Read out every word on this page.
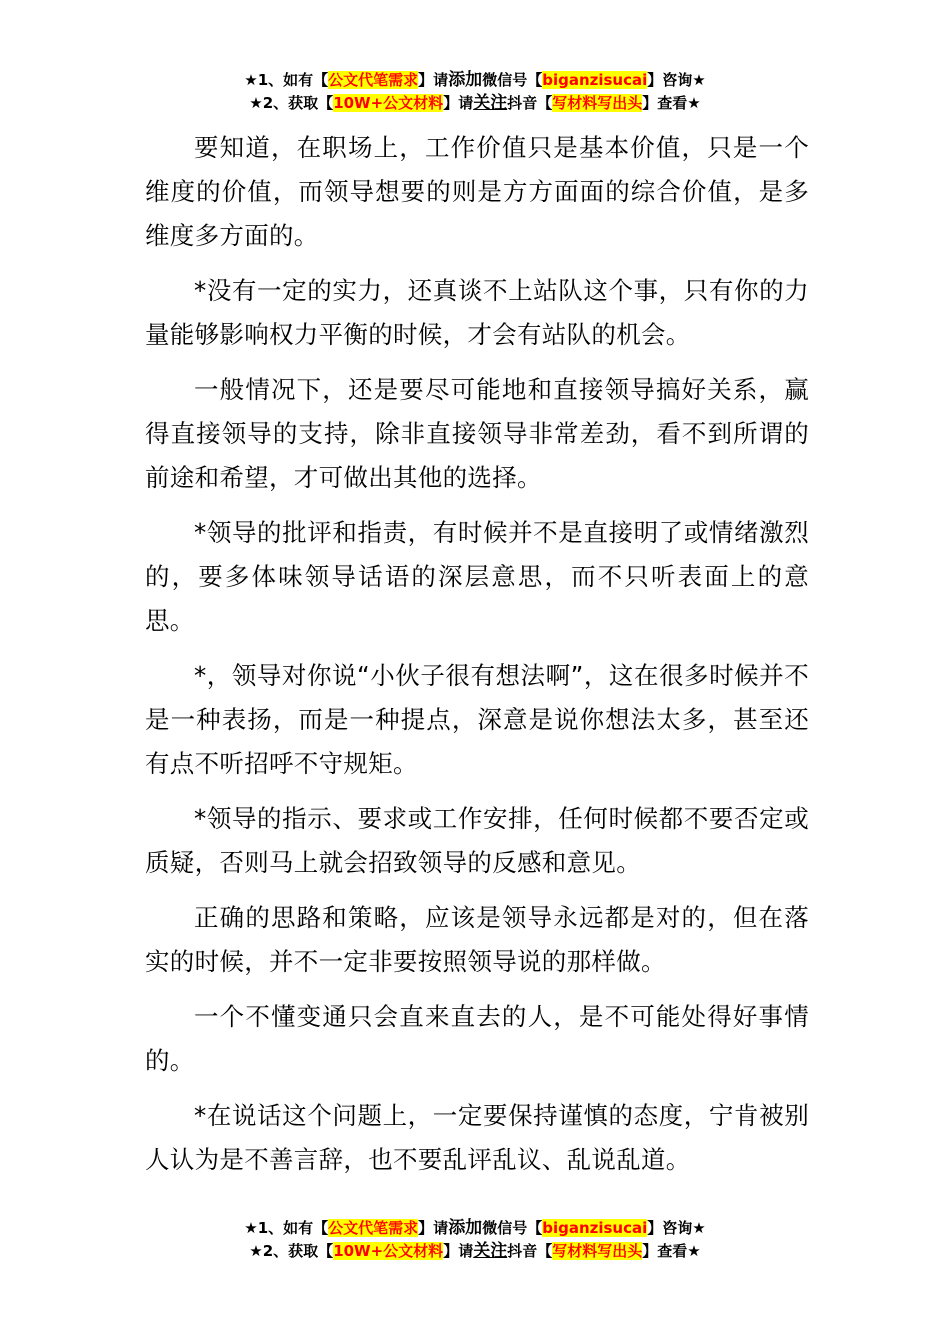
★1、如有【公文代笔需求】请添加微信号【biganzisucai】咨询★
★2、获取【10W+公文材料】请关注抖音【写材料写出头】查看★

要知道，在职场上，工作价值只是基本价值，只是一个维度的价值，而领导想要的则是方方面面的综合价值，是多维度多方面的。

*没有一定的实力，还真谈不上站队这个事，只有你的力量能够影响权力平衡的时候，才会有站队的机会。

一般情况下，还是要尽可能地和直接领导搞好关系，赢得直接领导的支持，除非直接领导非常差劲，看不到所谓的前途和希望，才可做出其他的选择。

*领导的批评和指责，有时候并不是直接明了或情绪激烈的，要多体味领导话语的深层意思，而不只听表面上的意思。

*，领导对你说“小伙子很有想法啊”，这在很多时候并不是一种表扬，而是一种提点，深意是说你想法太多，甚至还有点不听招呼不守规矩。

*领导的指示、要求或工作安排，任何时候都不要否定或质疑，否则马上就会招致领导的反感和意见。

正确的思路和策略，应该是领导永远都是对的，但在落实的时候，并不一定非要按照领导说的那样做。

一个不懂变通只会直来直去的人，是不可能处得好事情的。

*在说话这个问题上，一定要保持谨慎的态度，宁肯被别人认为是不善言辞，也不要乱评乱议、乱说乱道。

★1、如有【公文代笔需求】请添加微信号【biganzisucai】咨询★
★2、获取【10W+公文材料】请关注抖音【写材料写出头】查看★
